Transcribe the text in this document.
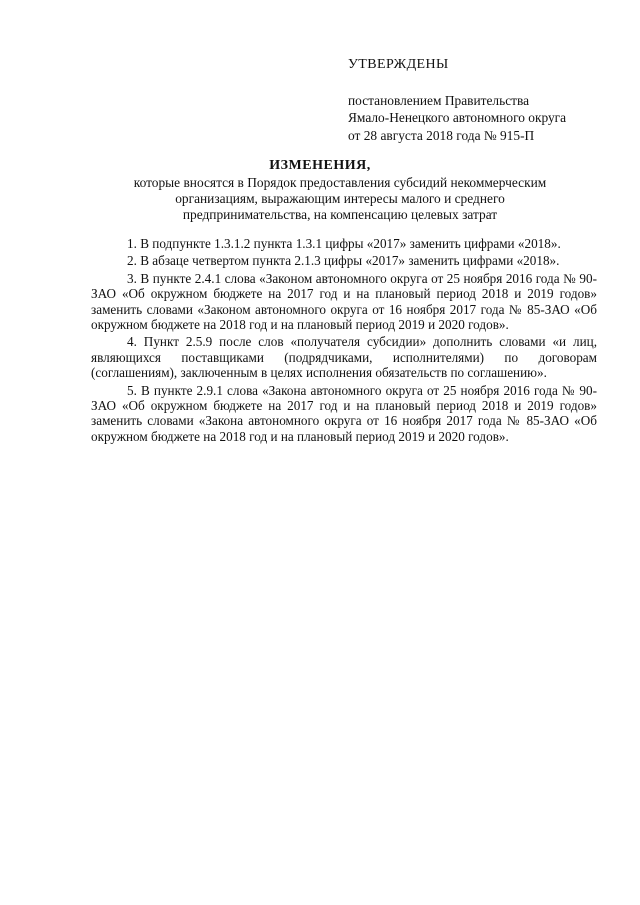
УТВЕРЖДЕНЫ
постановлением Правительства
Ямало-Ненецкого автономного округа
от 28 августа 2018 года № 915-П
ИЗМЕНЕНИЯ,
которые вносятся в Порядок предоставления субсидий некоммерческим
организациям, выражающим интересы малого и среднего
предпринимательства, на компенсацию целевых затрат

1. В подпункте 1.3.1.2 пункта 1.3.1 цифры «2017» заменить цифрами «2018».

2. В абзаце четвертом пункта 2.1.3 цифры «2017» заменить цифрами «2018».

3. В пункте 2.4.1 слова «Законом автономного округа от 25 ноября 2016 года № 90-ЗАО «Об окружном бюджете на 2017 год и на плановый период 2018 и 2019 годов» заменить словами «Законом автономного округа от 16 ноября 2017 года № 85-ЗАО «Об окружном бюджете на 2018 год и на плановый период 2019 и 2020 годов».

4. Пункт 2.5.9 после слов «получателя субсидии» дополнить словами «и лиц, являющихся поставщиками (подрядчиками, исполнителями) по договорам (соглашениям), заключенным в целях исполнения обязательств по соглашению».

5. В пункте 2.9.1 слова «Закона автономного округа от 25 ноября 2016 года № 90-ЗАО «Об окружном бюджете на 2017 год и на плановый период 2018 и 2019 годов» заменить словами «Закона автономного округа от 16 ноября 2017 года № 85-ЗАО «Об окружном бюджете на 2018 год и на плановый период 2019 и 2020 годов».
